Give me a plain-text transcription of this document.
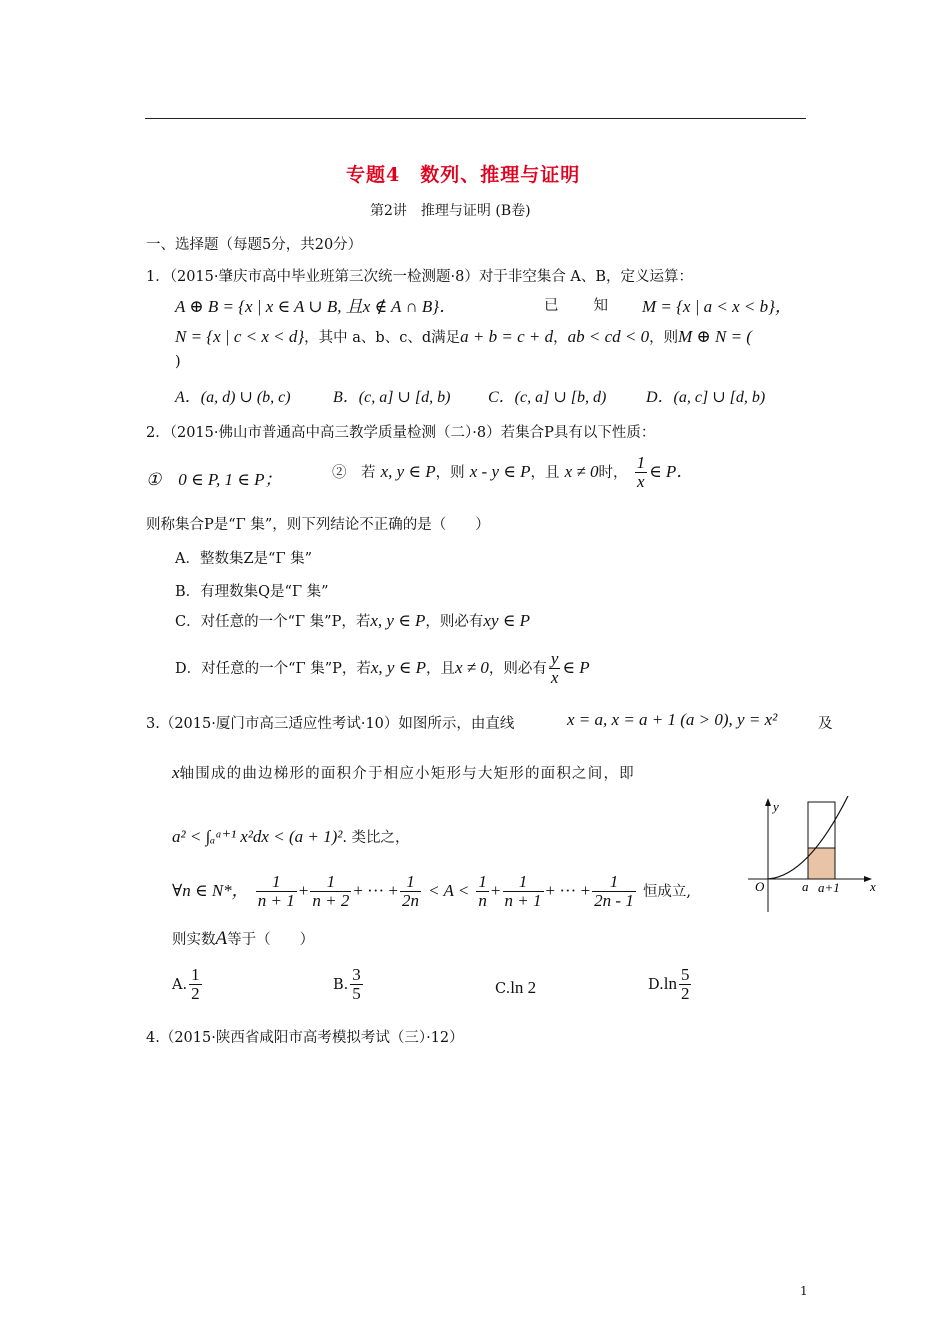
专题4　数列、推理与证明
第2讲　推理与证明 (B卷)
一、选择题（每题5分，共20分）
1．（2015·肇庆市高中毕业班第三次统一检测题·8）对于非空集合 A、B，定义运算：
A ⊕ B = {x | x ∈ A ∪ B, 且x ∉ A ∩ B}．	已　　知 M = {x | a < x < b}，
N = {x | c < x < d}，其中 a、b、c、d满足a + b = c + d，ab < cd < 0，则M ⊕ N = (
)
A．(a, d) ∪ (b, c)	B．(c, a] ∪ [d, b) C．(c, a] ∪ [b, d) D．(a, c] ∪ [d, b)
2．（2015·佛山市普通高中高三教学质量检测（二）·8）若集合P具有以下性质：
①　0 ∈ P, 1 ∈ P；	②　若 x, y ∈ P，则 x - y ∈ P，且 x ≠ 0时， $\frac{1}{x}$ ∈ P．
则称集合P是“Γ 集”，则下列结论不正确的是（　　）
A．整数集Z是“Γ 集”
B．有理数集Q是“Γ 集”
C．对任意的一个“Γ 集”P，若x, y ∈ P，则必有xy ∈ P
D．对任意的一个“Γ 集”P，若x, y ∈ P，且x ≠ 0，则必有 $\frac{y}{x}$ ∈ P
3.（2015·厦门市高三适应性考试·10）如图所示，由直线	x = a, x = a + 1 (a > 0), y = x²	及
x轴围成的曲边梯形的面积介于相应小矩形与大矩形的面积之间，即
a² < ∫ₐᵃ⁺¹ x²dx < (a + 1)². 类比之，
∀n ∈ N*， $\frac{1}{n + 1} + \frac{1}{n + 2}$ + ··· + $\frac{1}{2n} < A < \frac{1}{n} + \frac{1}{n + 1}$ + ··· + $\frac{1}{2n - 1}$ 恒成立,
则实数A等于（　　）
A. $\frac{1}{2}$	B. $\frac{3}{5}$	C.ln 2	$D.\ln \frac{5}{2}$
y
x
O	a a+1
4.（2015·陕西省咸阳市高考模拟考试（三）·12）
1
